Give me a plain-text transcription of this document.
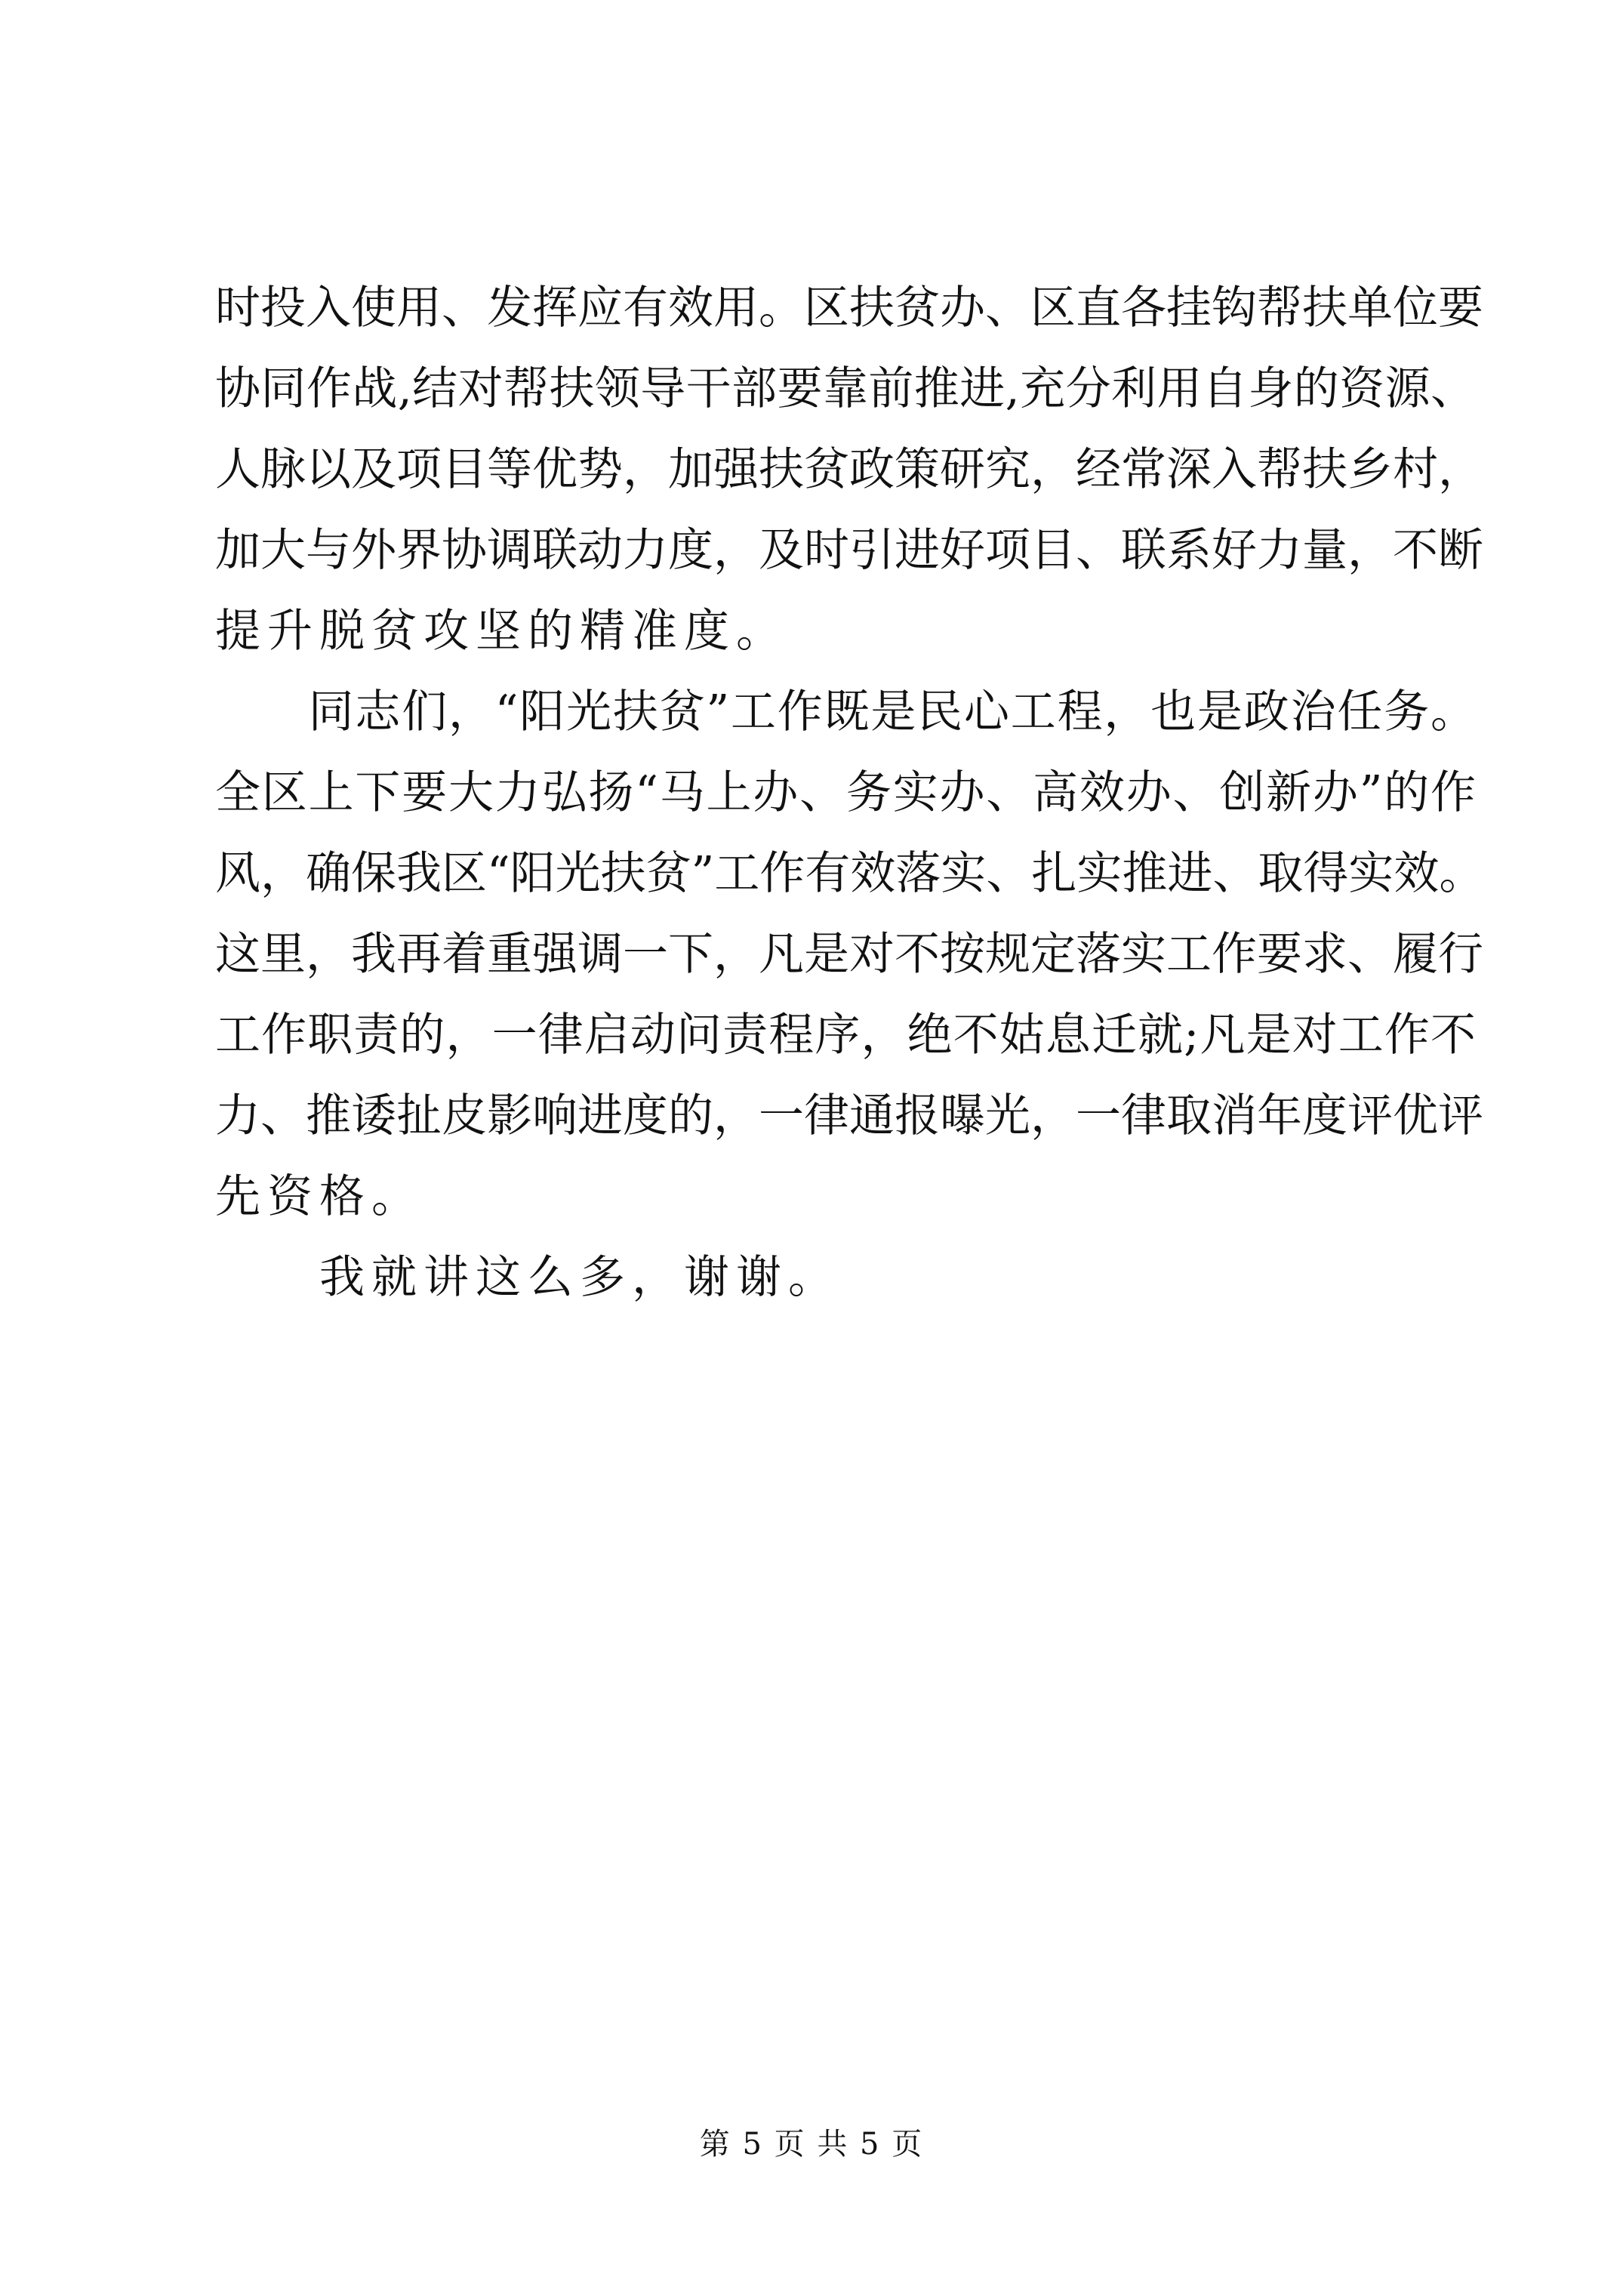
时投入使用、发挥应有效用。区扶贫办、区直各挂钩帮扶单位要
协同作战,结对帮扶领导干部要靠前推进,充分利用自身的资源、
人脉以及项目等优势，加强扶贫政策研究，经常深入帮扶乡村，
加大与外界协调联动力度，及时引进好项目、联系好力量，不断
提升脱贫攻坚的精准度。
　　同志们，“阳光扶贫”工作既是民心工程，也是政治任务。
全区上下要大力弘扬“马上办、务实办、高效办、创新办”的作
风，确保我区“阳光扶贫”工作有效落实、扎实推进、取得实效。
这里，我再着重强调一下，凡是对不按规定落实工作要求、履行
工作职责的，一律启动问责程序，绝不姑息迁就;凡是对工作不
力、推诿扯皮影响进度的，一律通报曝光，一律取消年度评优评
先资格。
　　我就讲这么多，谢谢。
第 5 页 共 5 页
